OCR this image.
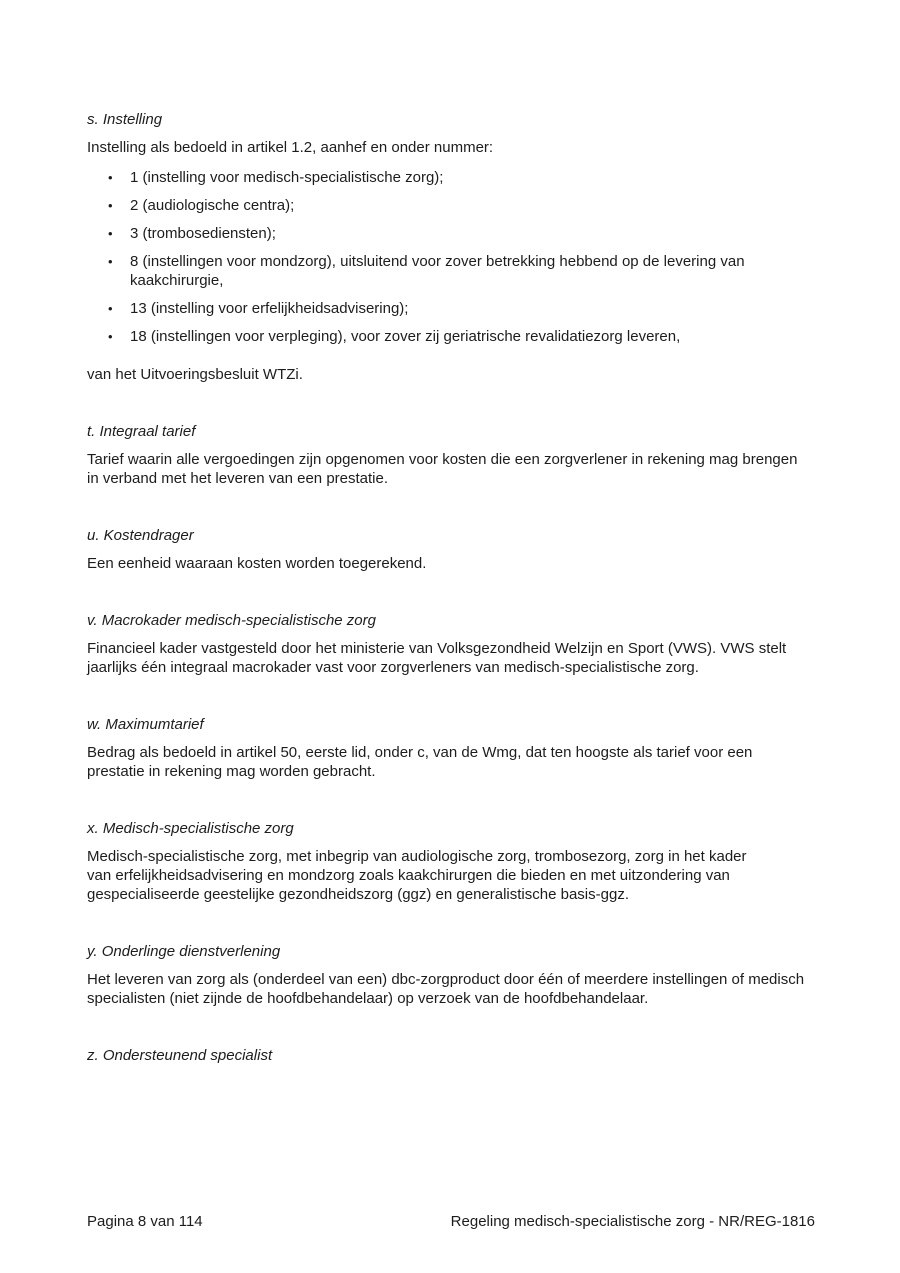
s. Instelling

Instelling als bedoeld in artikel 1.2, aanhef en onder nummer:

•	1 (instelling voor medisch-specialistische zorg);
•	2 (audiologische centra);
•	3 (trombosediensten);
•	8 (instellingen voor mondzorg), uitsluitend voor zover betrekking hebbend op de levering van
kaakchirurgie,
•	13 (instelling voor erfelijkheidsadvisering);
•	18 (instellingen voor verpleging), voor zover zij geriatrische revalidatiezorg leveren,

van het Uitvoeringsbesluit WTZi.

t. Integraal tarief

Tarief waarin alle vergoedingen zijn opgenomen voor kosten die een zorgverlener in rekening mag brengen
in verband met het leveren van een prestatie.

u. Kostendrager

Een eenheid waaraan kosten worden toegerekend.

v. Macrokader medisch-specialistische zorg

Financieel kader vastgesteld door het ministerie van Volksgezondheid Welzijn en Sport (VWS). VWS stelt
jaarlijks één integraal macrokader vast voor zorgverleners van medisch-specialistische zorg.

w. Maximumtarief

Bedrag als bedoeld in artikel 50, eerste lid, onder c, van de Wmg, dat ten hoogste als tarief voor een
prestatie in rekening mag worden gebracht.

x. Medisch-specialistische zorg

Medisch-specialistische zorg, met inbegrip van audiologische zorg, trombosezorg, zorg in het kader
van erfelijkheidsadvisering en mondzorg zoals kaakchirurgen die bieden en met uitzondering van
gespecialiseerde geestelijke gezondheidszorg (ggz) en generalistische basis-ggz.

y. Onderlinge dienstverlening

Het leveren van zorg als (onderdeel van een) dbc-zorgproduct door één of meerdere instellingen of medisch
specialisten (niet zijnde de hoofdbehandelaar) op verzoek van de hoofdbehandelaar.

z. Ondersteunend specialist
Pagina 8 van 114	Regeling medisch-specialistische zorg - NR/REG-1816
